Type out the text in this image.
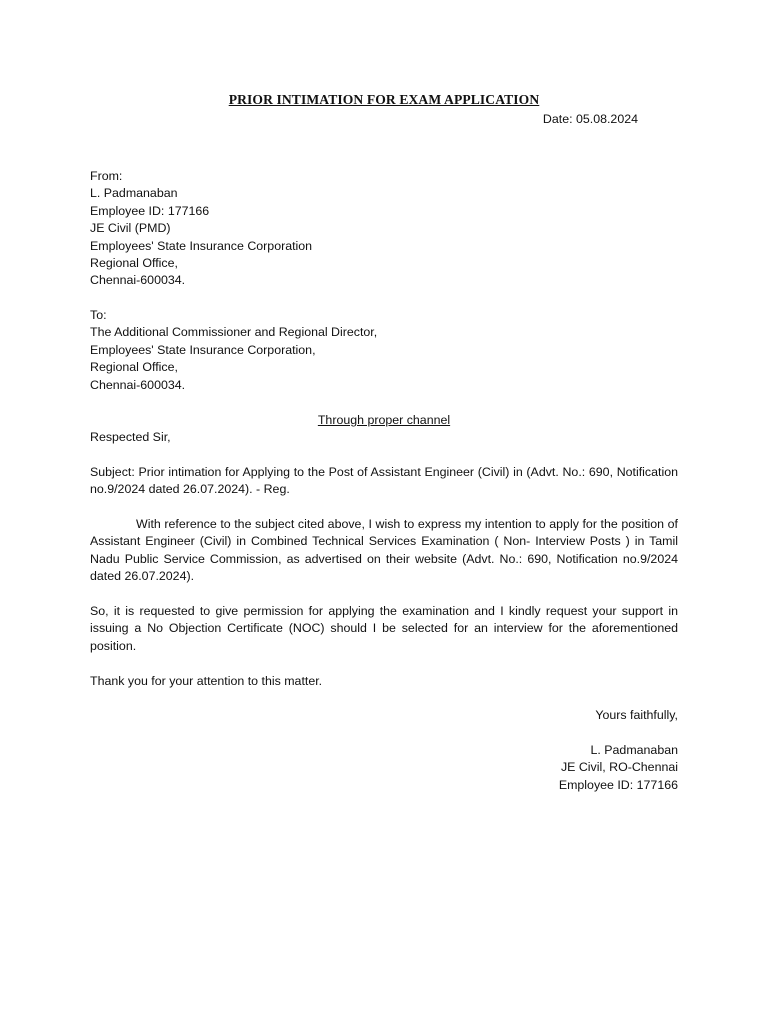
PRIOR INTIMATION FOR EXAM APPLICATION
Date: 05.08.2024
From:
L. Padmanaban
Employee ID: 177166
JE Civil (PMD)
Employees' State Insurance Corporation
Regional Office,
Chennai-600034.
To:
The Additional Commissioner and Regional Director,
Employees' State Insurance Corporation,
Regional Office,
Chennai-600034.
Through proper channel
Respected Sir,

Subject: Prior intimation for Applying to the Post of Assistant Engineer (Civil) in (Advt. No.: 690, Notification no.9/2024 dated 26.07.2024). - Reg.

With reference to the subject cited above, I wish to express my intention to apply for the position of Assistant Engineer (Civil) in Combined Technical Services Examination ( Non- Interview Posts ) in Tamil Nadu Public Service Commission, as advertised on their website (Advt. No.: 690, Notification no.9/2024 dated 26.07.2024).

So, it is requested to give permission for applying the examination and I kindly request your support in issuing a No Objection Certificate (NOC) should I be selected for an interview for the aforementioned position.

Thank you for your attention to this matter.
Yours faithfully,
L. Padmanaban
JE Civil, RO-Chennai
Employee ID: 177166
